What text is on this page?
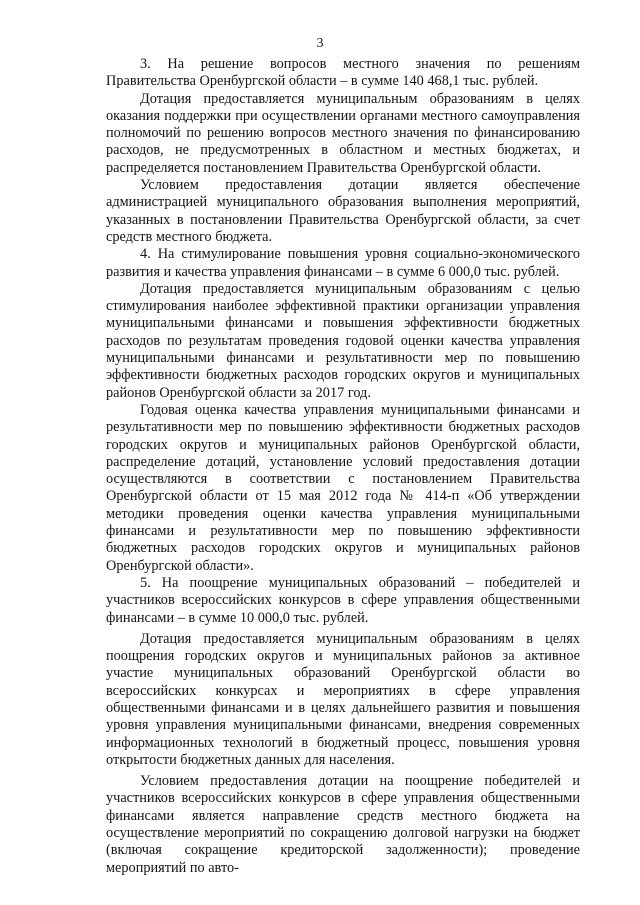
3

3. На решение вопросов местного значения по решениям Правительства Оренбургской области – в сумме 140 468,1 тыс. рублей.

Дотация предоставляется муниципальным образованиям в целях оказания поддержки при осуществлении органами местного самоуправления полномочий по решению вопросов местного значения по финансированию расходов, не предусмотренных в областном и местных бюджетах, и распределяется постановлением Правительства Оренбургской области.

Условием предоставления дотации является обеспечение администрацией муниципального образования выполнения мероприятий, указанных в постановлении Правительства Оренбургской области, за счет средств местного бюджета.

4. На стимулирование повышения уровня социально-экономического развития и качества управления финансами – в сумме 6 000,0 тыс. рублей.

Дотация предоставляется муниципальным образованиям с целью стимулирования наиболее эффективной практики организации управления муниципальными финансами и повышения эффективности бюджетных расходов по результатам проведения годовой оценки качества управления муниципальными финансами и результативности мер по повышению эффективности бюджетных расходов городских округов и муниципальных районов Оренбургской области за 2017 год.

Годовая оценка качества управления муниципальными финансами и результативности мер по повышению эффективности бюджетных расходов городских округов и муниципальных районов Оренбургской области, распределение дотаций, установление условий предоставления дотации осуществляются в соответствии с постановлением Правительства Оренбургской области от 15 мая 2012 года № 414-п «Об утверждении методики проведения оценки качества управления муниципальными финансами и результативности мер по повышению эффективности бюджетных расходов городских округов и муниципальных районов Оренбургской области».

5. На поощрение муниципальных образований – победителей и участников всероссийских конкурсов в сфере управления общественными финансами – в сумме 10 000,0 тыс. рублей.

Дотация предоставляется муниципальным образованиям в целях поощрения городских округов и муниципальных районов за активное участие муниципальных образований Оренбургской области во всероссийских конкурсах и мероприятиях в сфере управления общественными финансами и в целях дальнейшего развития и повышения уровня управления муниципальными финансами, внедрения современных информационных технологий в бюджетный процесс, повышения уровня открытости бюджетных данных для населения.

Условием предоставления дотации на поощрение победителей и участников всероссийских конкурсов в сфере управления общественными финансами является направление средств местного бюджета на осуществление мероприятий по сокращению долговой нагрузки на бюджет (включая сокращение кредиторской задолженности); проведение мероприятий по авто-
